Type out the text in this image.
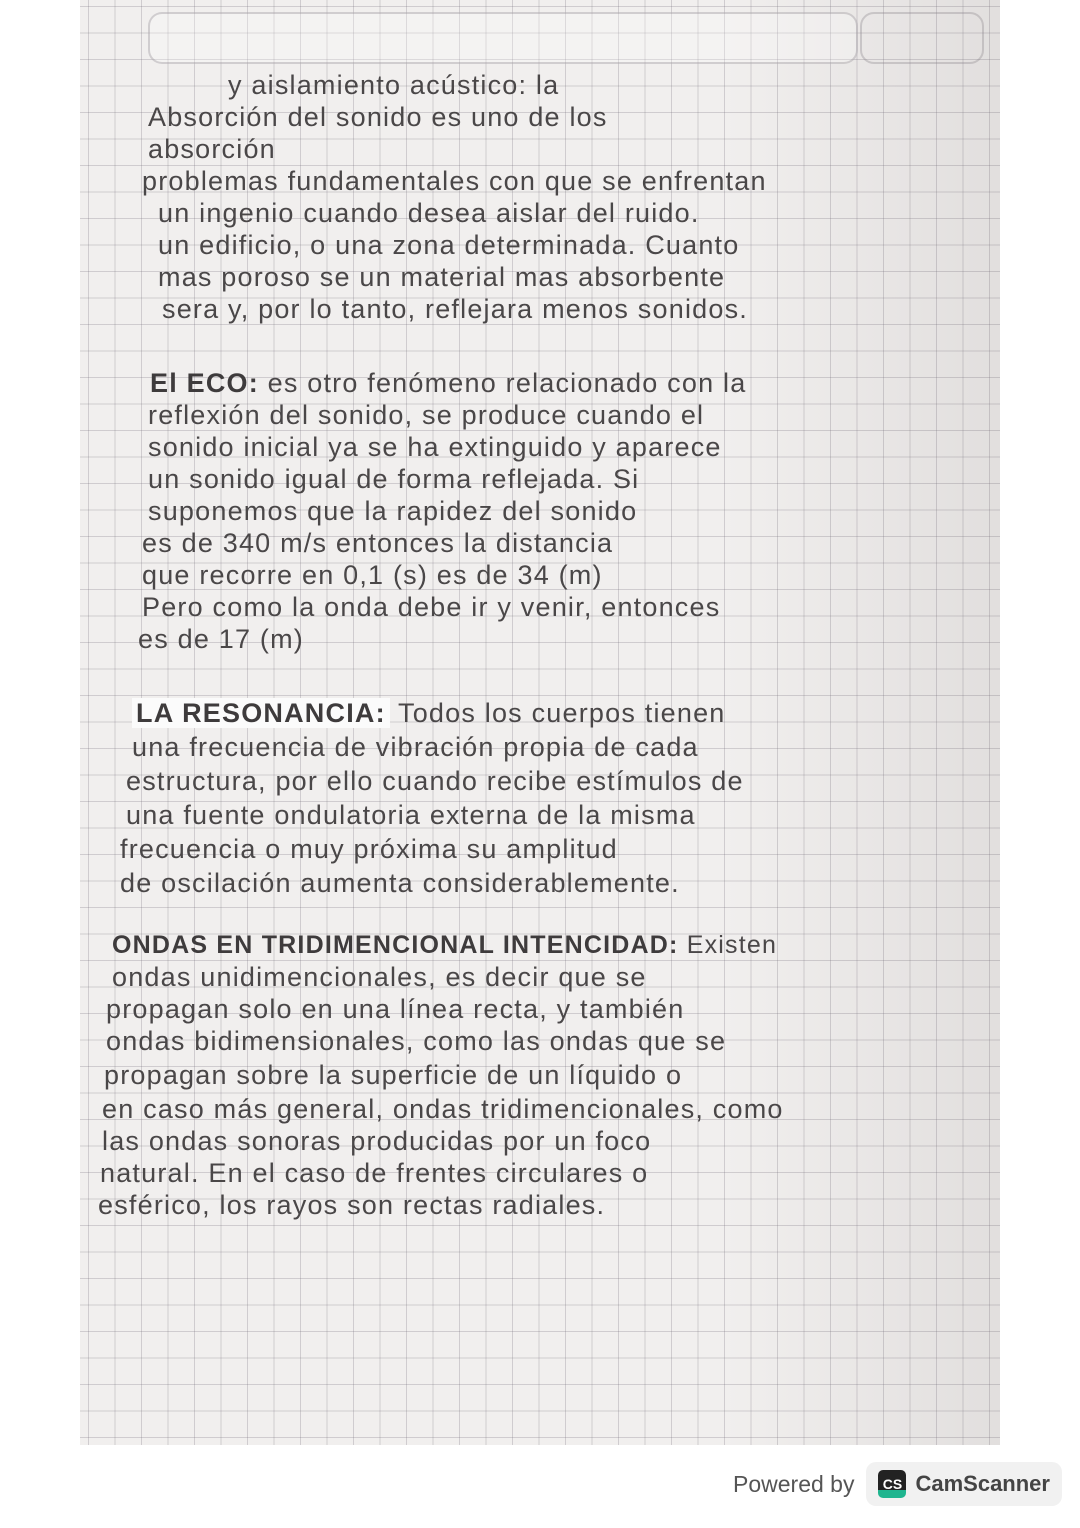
y aislamiento acústico: la
Absorción del sonido es uno de los
absorción
problemas fundamentales con que se enfrentan
un ingenio cuando desea aislar del ruido.
un edificio, o una zona determinada. Cuanto
mas poroso se un material mas absorbente
sera y, por lo tanto, reflejara menos sonidos.
El ECO: es otro fenómeno relacionado con la
reflexión del sonido, se produce cuando el
sonido inicial ya se ha extinguido y aparece
un sonido igual de forma reflejada. Si
suponemos que la rapidez del sonido
es de 340 m/s entonces la distancia
que recorre en 0,1 (s) es de 34 (m)
Pero como la onda debe ir y venir, entonces
es de 17 (m)
LA RESONANCIA: Todos los cuerpos tienen
una frecuencia de vibración propia de cada
estructura, por ello cuando recibe estímulos de
una fuente ondulatoria externa de la misma
frecuencia o muy próxima su amplitud
de oscilación aumenta considerablemente.
ONDAS EN TRIDIMENCIONAL INTENCIDAD: Existen
ondas unidimencionales, es decir que se
propagan solo en una línea recta, y también
ondas bidimensionales, como las ondas que se
propagan sobre la superficie de un líquido o
en caso más general, ondas tridimencionales, como
las ondas sonoras producidas por un foco
natural. En el caso de frentes circulares o
esférico, los rayos son rectas radiales.
Powered by	CS CamScanner
